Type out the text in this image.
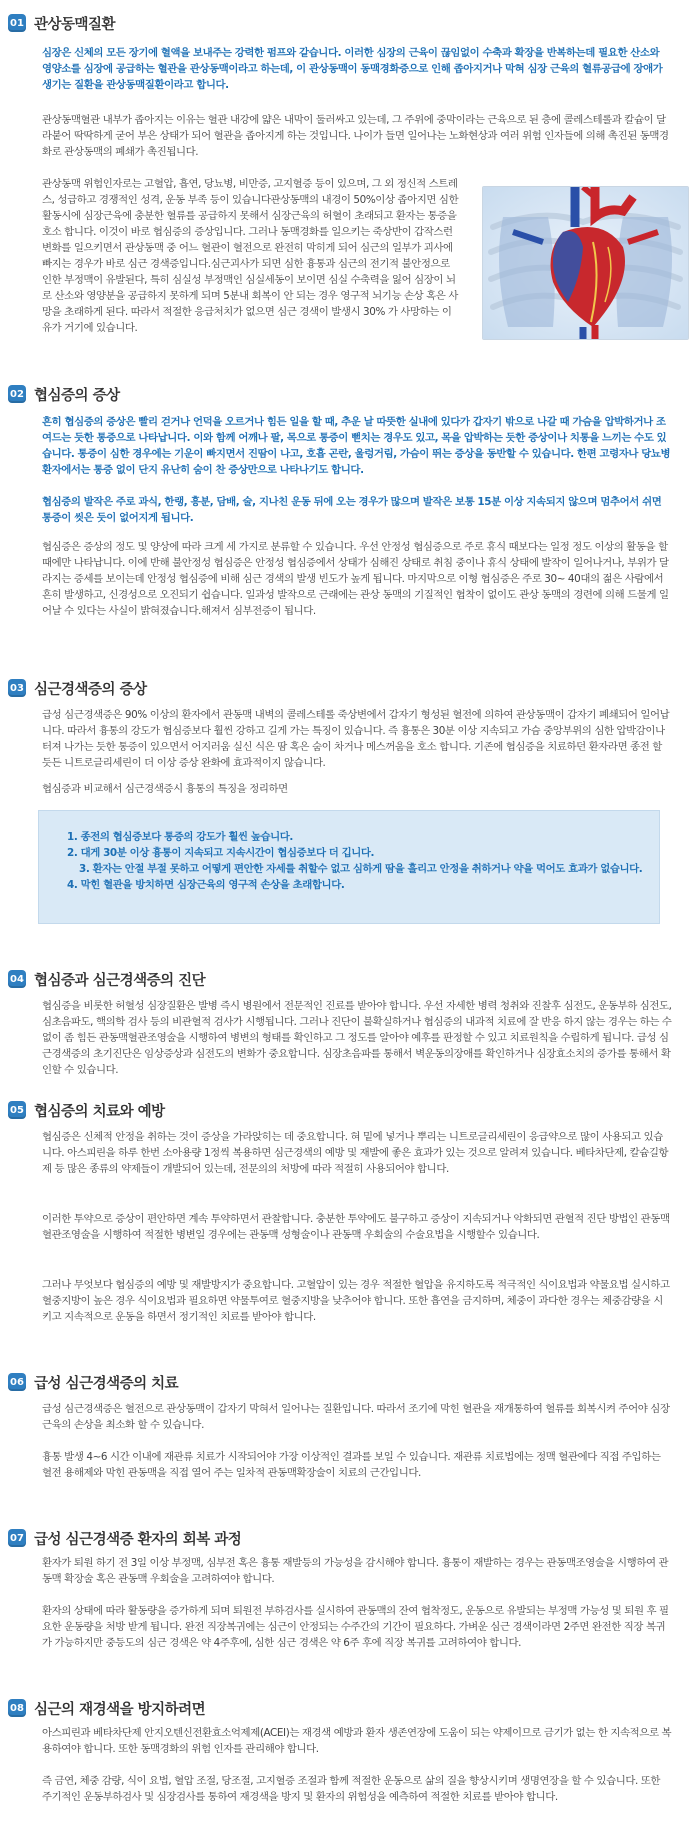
01 관상동맥질환

심장은 신체의 모든 장기에 혈액을 보내주는 강력한 펌프와 같습니다. 이러한 심장의 근육이 끊임없이 수축과 확장을 반복하는데 필요한 산소와 영양소를 심장에 공급하는 혈관을 관상동맥이라고 하는데, 이 관상동맥이 동맥경화증으로 인해 좁아지거나 막혀 심장 근육의 혈류공급에 장애가 생기는 질환을 관상동맥질환이라고 합니다.

관상동맥혈관 내부가 좁아지는 이유는 혈관 내강에 얇은 내막이 둘러싸고 있는데, 그 주위에 중막이라는 근육으로 된 층에 콜레스테롤과 칼슘이 달라붙어 딱딱하게 굳어 부은 상태가 되어 혈관을 좁아지게 하는 것입니다. 나이가 들면 일어나는 노화현상과 여러 위험 인자들에 의해 촉진된 동맥경화로 관상동맥의 폐쇄가 촉진됩니다.

관상동맥 위험인자로는 고혈압, 흡연, 당뇨병, 비만증, 고지혈증 등이 있으며, 그 외 정신적 스트레스, 성급하고 경쟁적인 성격, 운동 부족 등이 있습니다관상동맥의 내경이 50%이상 좁아지면 심한 활동시에 심장근육에 충분한 혈류를 공급하지 못해서 심장근육의 허혈이 초래되고 환자는 통증을 호소 합니다. 이것이 바로 협심증의 증상입니다. 그러나 동맥경화를 일으키는 죽상반이 갑작스런 변화를 일으키면서 관상동맥 중 어느 혈관이 혈전으로 완전히 막히게 되어 심근의 일부가 괴사에 빠지는 경우가 바로 심근 경색증입니다.심근괴사가 되면 심한 흉통과 심근의 전기적 불안정으로 인한 부정맥이 유발된다, 특히 심실성 부정맥인 심실세동이 보이면 심실 수축력을 잃어 심장이 뇌로 산소와 영양분을 공급하지 못하게 되며 5분내 회복이 안 되는 경우 영구적 뇌기능 손상 혹은 사망을 초래하게 된다. 따라서 적절한 응급처치가 없으면 심근 경색이 발생시 30% 가 사망하는 이유가 거기에 있습니다.

02 협심증의 증상

흔히 협심증의 증상은 빨리 걷거나 언덕을 오르거나 힘든 일을 할 때, 추운 날 따뜻한 실내에 있다가 갑자기 밖으로 나갈 때 가슴을 압박하거나 조여드는 듯한 통증으로 나타납니다. 이와 함께 어깨나 팔, 목으로 통증이 뻗치는 경우도 있고, 목을 압박하는 듯한 증상이나 치통을 느끼는 수도 있습니다. 통증이 심한 경우에는 기운이 빠지면서 진땀이 나고, 호흡 곤란, 울렁거림, 가슴이 뛰는 증상을 동반할 수 있습니다. 한편 고령자나 당뇨병 환자에서는 통증 없이 단지 유난히 숨이 찬 증상만으로 나타나기도 합니다.

협심증의 발작은 주로 과식, 한랭, 흥분, 담배, 술, 지나친 운동 뒤에 오는 경우가 많으며 발작은 보통 15분 이상 지속되지 않으며 멈추어서 쉬면 통증이 씻은 듯이 없어지게 됩니다.

협심증은 증상의 정도 및 양상에 따라 크게 세 가지로 분류할 수 있습니다. 우선 안정성 협심증으로 주로 휴식 때보다는 일정 정도 이상의 활동을 할 때에만 나타납니다. 이에 반해 불안정성 협심증은 안정성 협심증에서 상태가 심해진 상태로 취침 중이나 휴식 상태에 발작이 일어나거나, 부위가 달라지는 증세를 보이는데 안정성 협심증에 비해 심근 경색의 발생 빈도가 높게 됩니다. 마지막으로 이형 협심증은 주로 30~ 40대의 젊은 사람에서 흔히 발생하고, 신경성으로 오진되기 쉽습니다. 일과성 발작으로 근래에는 관상 동맥의 기질적인 협착이 없이도 관상 동맥의 경련에 의해 드물게 일어날 수 있다는 사실이 밝혀졌습니다.해져서 심부전증이 됩니다.

03 심근경색증의 증상

급성 심근경색증은 90% 이상의 환자에서 관동맥 내벽의 콜레스테롤 죽상변에서 갑자기 형성된 혈전에 의하여 관상동맥이 갑자기 폐쇄되어 일어납니다. 따라서 흉통의 강도가 협심증보다 훨씬 강하고 길게 가는 특징이 있습니다. 즉 흉통은 30분 이상 지속되고 가슴 중앙부위의 심한 압박감이나 터져 나가는 듯한 통증이 있으면서 어지러움 실신 식은 땀 혹은 숨이 차거나 메스꺼움을 호소 합니다. 기존에 협심증을 치료하던 환자라면 종전 할 듯든 니트로글리세린이 더 이상 증상 완화에 효과적이지 않습니다.

협심증과 비교해서 심근경색증시 흉통의 특징을 정리하면

1. 종전의 협심증보다 통증의 강도가 훨씬 높습니다.
2. 대게 30분 이상 흉통이 지속되고 지속시간이 협심증보다 더 깁니다.
3. 환자는 안절 부절 못하고 어떻게 편안한 자세를 취할수 없고 심하게 땀을 흘리고 안정을 취하거나 약을 먹어도 효과가 없습니다.
4. 막힌 혈관을 방치하면 심장근육의 영구적 손상을 초래합니다.
04 협심증과 심근경색증의 진단

협심증을 비롯한 허혈성 심장질환은 발병 즉시 병원에서 전문적인 진료를 받아야 합니다. 우선 자세한 병력 청취와 진찰후 심전도, 운동부하 심전도, 심초음파도, 핵의학 검사 등의 비관혈적 검사가 시행됩니다. 그러나 진단이 불확실하거나 협심증의 내과적 치료에 잘 반응 하지 않는 경우는 하는 수 없이 좀 힘든 관동맥혈관조영술을 시행하여 병변의 형태를 확인하고 그 정도를 알아야 예후를 판정할 수 있고 치료원칙을 수립하게 됩니다. 급성 심근경색증의 초기진단은 임상증상과 심전도의 변화가 중요합니다. 심장초음파를 통해서 벽운동의장애를 확인하거나 심장효소치의 증가를 통해서 확인할 수 있습니다.

05 협심증의 치료와 예방

협심증은 신체적 안정을 취하는 것이 증상을 가라앉히는 데 중요합니다. 혀 밑에 넣거나 뿌리는 니트로글리세린이 응급약으로 많이 사용되고 있습니다. 아스피린을 하루 한번 소아용량 1정씩 복용하면 심근경색의 예방 및 재발에 좋은 효과가 있는 것으로 알려져 있습니다. 베타차단제, 칼슘길항제 등 많은 종류의 약제들이 개발되어 있는데, 전문의의 처방에 따라 적절히 사용되어야 합니다.

이러한 투약으로 증상이 편안하면 계속 투약하면서 관찰합니다. 충분한 투약에도 불구하고 증상이 지속되거나 악화되면 관혈적 진단 방법인 관동맥 혈관조영술을 시행하여 적절한 병변일 경우에는 관동맥 성형술이나 관동맥 우회술의 수술요법을 시행할수 있습니다.

그러나 무엇보다 협심증의 예방 및 재발방지가 중요합니다. 고혈압이 있는 경우 적절한 혈압을 유지하도록 적극적인 식이요법과 약물요법 실시하고 혈중지방이 높은 경우 식이요법과 필요하면 약물투여로 혈중지방을 낮추어야 합니다. 또한 흡연을 금지하며, 체중이 과다한 경우는 체중감량을 시키고 지속적으로 운동을 하면서 정기적인 치료를 받아야 합니다.

06 급성 심근경색증의 치료

급성 심근경색증은 혈전으로 관상동맥이 갑자기 막혀서 일어나는 질환입니다. 따라서 조기에 막힌 혈관을 재개통하여 혈류를 회복시켜 주어야 심장근육의 손상을 최소화 할 수 있습니다.

흉통 발생 4~6 시간 이내에 재관류 치료가 시작되어야 가장 이상적인 결과를 보일 수 있습니다. 재관류 치료법에는 정맥 혈관에다 직접 주입하는 혈전 용해제와 막힌 관동맥을 직접 열어 주는 일차적 관동맥확장술이 치료의 근간입니다.

07 급성 심근경색증 환자의 회복 과정

환자가 퇴원 하기 전 3일 이상 부정맥, 심부전 혹은 흉통 재발등의 가능성을 감시해야 합니다. 흉통이 재발하는 경우는 관동맥조영술을 시행하여 관동맥 확장술 혹은 관동맥 우회술을 고려하여야 합니다.

환자의 상태에 따라 활동량을 증가하게 되며 퇴원전 부하검사를 실시하여 관동맥의 잔여 협착정도, 운동으로 유발되는 부정맥 가능성 및 퇴원 후 필요한 운동량을 처방 받게 됩니다. 완전 직장복귀에는 심근이 안정되는 수주간의 기간이 필요하다. 가벼운 심근 경색이라면 2주면 완전한 직장 복귀가 가능하지만 중등도의 심근 경색은 약 4주후에, 심한 심근 경색은 약 6주 후에 직장 복귀를 고려하여야 합니다.

08 심근의 재경색을 방지하려면

아스피린과 베타차단제 안지오텐신전환효소억제제(ACEI)는 재경색 예방과 환자 생존연장에 도움이 되는 약제이므로 금기가 없는 한 지속적으로 복용하여야 합니다. 또한 동맥경화의 위험 인자를 관리해야 합니다.

즉 금연, 체중 감량, 식이 요법, 혈압 조절, 당조절, 고지혈증 조절과 함께 적절한 운동으로 삶의 질을 향상시키며 생명연장을 할 수 있습니다. 또한 주기적인 운동부하검사 및 심장검사를 통하여 재경색을 방지 및 환자의 위험성을 예측하여 적절한 치료를 받아야 합니다.
